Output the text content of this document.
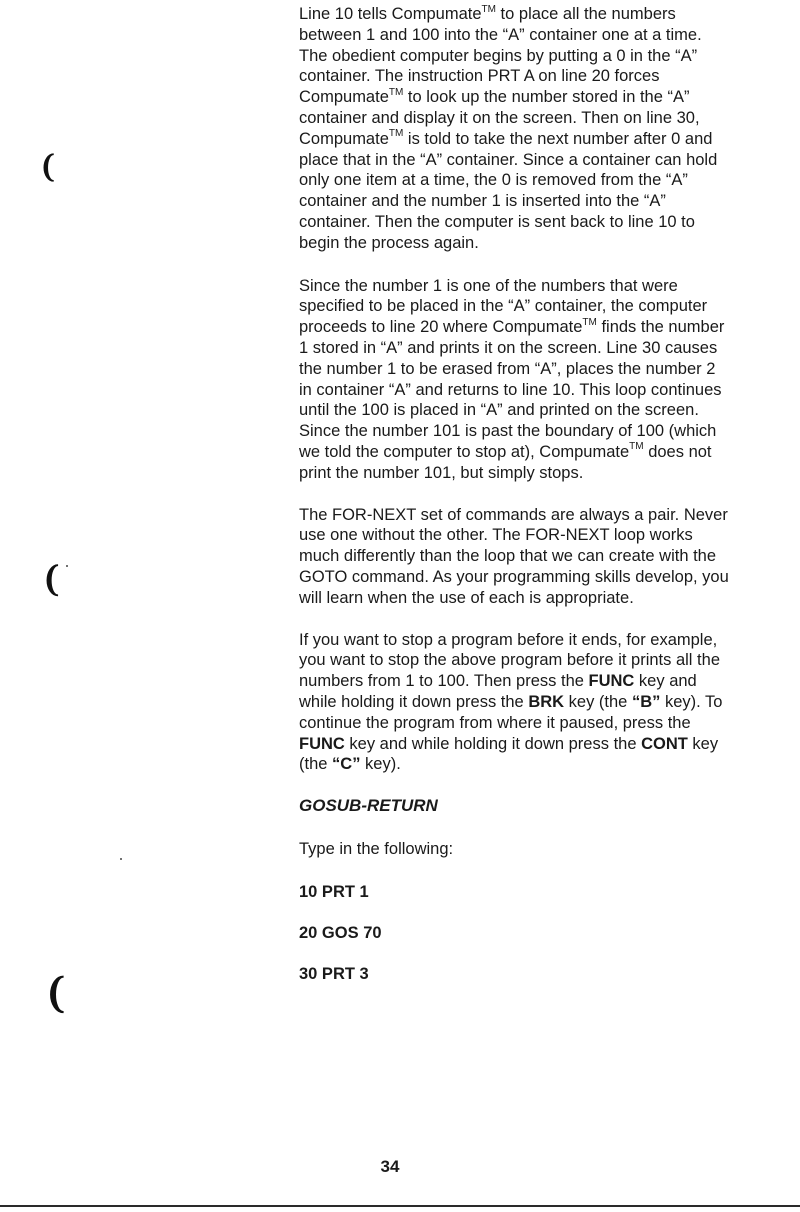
Line 10 tells Compumate™ to place all the numbers between 1 and 100 into the “A” container one at a time. The obedient computer begins by putting a 0 in the “A” container. The instruction PRT A on line 20 forces Compumate™ to look up the number stored in the “A” container and display it on the screen. Then on line 30, Compumate™ is told to take the next number after 0 and place that in the “A” container. Since a container can hold only one item at a time, the 0 is removed from the “A” container and the number 1 is inserted into the “A” container. Then the computer is sent back to line 10 to begin the process again.

Since the number 1 is one of the numbers that were specified to be placed in the “A” container, the computer proceeds to line 20 where Compumate™ finds the number 1 stored in “A” and prints it on the screen. Line 30 causes the number 1 to be erased from “A”, places the number 2 in container “A” and returns to line 10. This loop continues until the 100 is placed in “A” and printed on the screen. Since the number 101 is past the boundary of 100 (which we told the computer to stop at), Compumate™ does not print the number 101, but simply stops.

The FOR-NEXT set of commands are always a pair. Never use one without the other. The FOR-NEXT loop works much differently than the loop that we can create with the GOTO command. As your programming skills develop, you will learn when the use of each is appropriate.

If you want to stop a program before it ends, for example, you want to stop the above program before it prints all the numbers from 1 to 100. Then press the FUNC key and while holding it down press the BRK key (the “B” key). To continue the program from where it paused, press the FUNC key and while holding it down press the CONT key (the “C” key).

GOSUB-RETURN

Type in the following:

10 PRT 1

20 GOS 70

30 PRT 3

34
❨
❨
❨
